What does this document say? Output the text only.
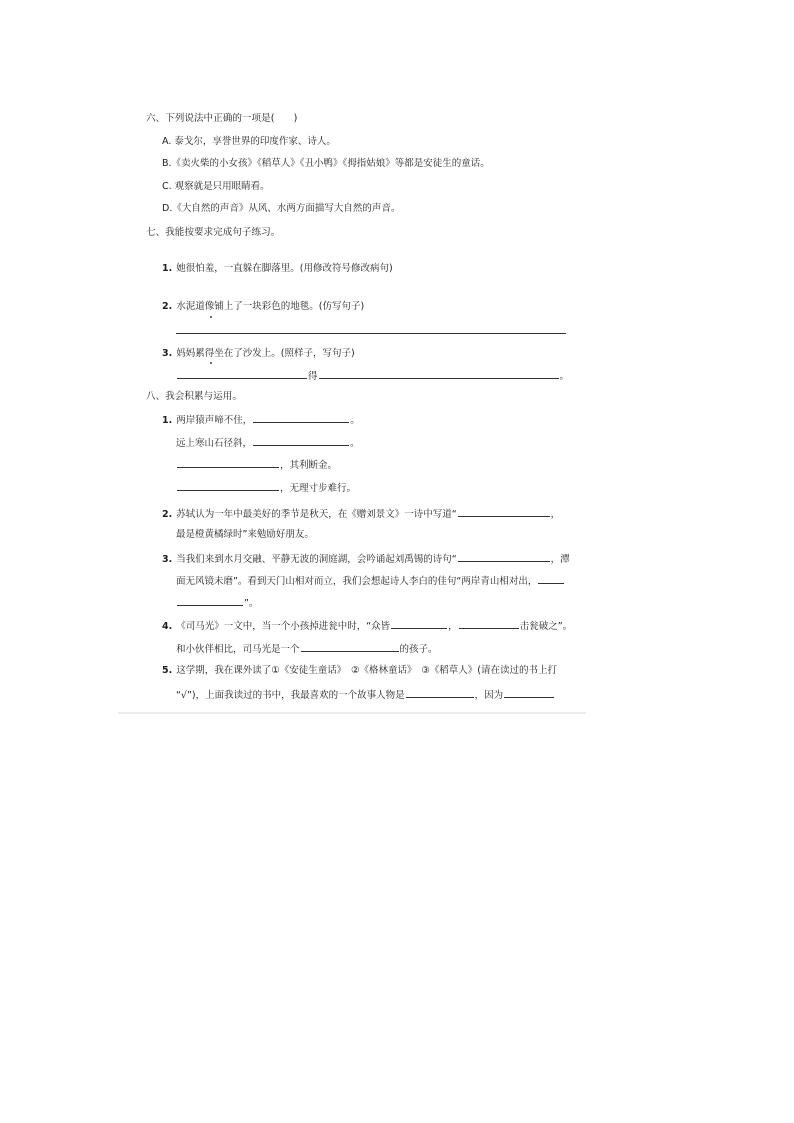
六、下列说法中正确的一项是(　　)
A. 泰戈尔，享誉世界的印度作家、诗人。
B.《卖火柴的小女孩》《稻草人》《丑小鸭》《拇指姑娘》等都是安徒生的童话。
C. 观察就是只用眼睛看。
D.《大自然的声音》从风、水两方面描写大自然的声音。
七、我能按要求完成句子练习。
1. 她很怕羞，一直躲在脚落里。(用修改符号修改病句)
2. 水泥道像铺上了一块彩色的地毯。(仿写句子)
3. 妈妈累得坐在了沙发上。(照样子，写句子)
得	。
八、我会积累与运用。
1. 两岸猿声啼不住，	。
远上寒山石径斜，	。
，其利断金。
，无理寸步难行。
2. 苏轼认为一年中最美好的季节是秋天，在《赠刘景文》一诗中写道“	，
最是橙黄橘绿时”来勉励好朋友。
3. 当我们来到水月交融、平静无波的洞庭湖，会吟诵起刘禹锡的诗句“	，潭
面无风镜未磨”。看到天门山相对而立，我们会想起诗人李白的佳句“两岸青山相对出，
”。
4. 《司马光》一文中，当一个小孩掉进瓮中时，“众皆	，	击瓮破之”。
和小伙伴相比，司马光是一个	的孩子。
5. 这学期，我在课外读了①《安徒生童话》　②《格林童话》　③《稻草人》(请在读过的书上打
“√”)，上面我读过的书中，我最喜欢的一个故事人物是	，因为
